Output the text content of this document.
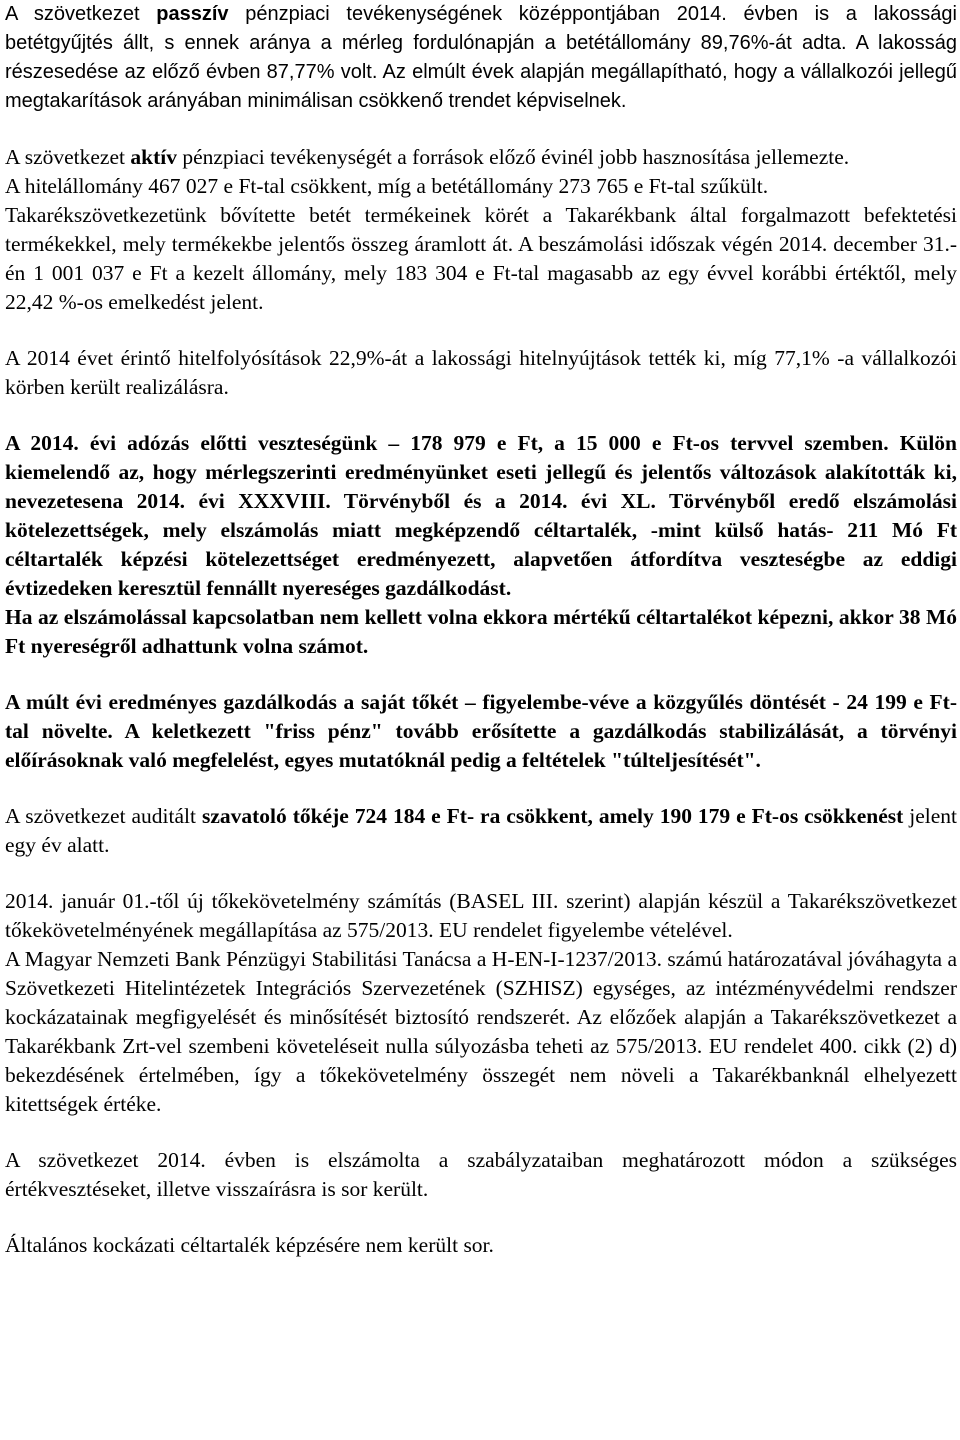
A szövetkezet passzív pénzpiaci tevékenységének középpontjában 2014. évben is a lakossági betétgyűjtés állt, s ennek aránya a mérleg fordulónapján a betétállomány 89,76%-át adta. A lakosság részesedése az előző évben 87,77% volt. Az elmúlt évek alapján megállapítható, hogy a vállalkozói jellegű megtakarítások arányában minimálisan csökkenő trendet képviselnek.

A szövetkezet aktív pénzpiaci tevékenységét a források előző évinél jobb hasznosítása jellemezte.

A hitelállomány 467 027 e Ft-tal csökkent, míg a betétállomány 273 765 e Ft-tal szűkült.

Takarékszövetkezetünk bővítette betét termékeinek körét a Takarékbank által forgalmazott befektetési termékekkel, mely termékekbe jelentős összeg áramlott át. A beszámolási időszak végén 2014. december 31.-én 1 001 037 e Ft a kezelt állomány, mely 183 304 e Ft-tal magasabb az egy évvel korábbi értéktől, mely 22,42 %-os emelkedést jelent.

A 2014 évet érintő hitelfolyósítások 22,9%-át a lakossági hitelnyújtások tették ki, míg 77,1% -a vállalkozói körben került realizálásra.

A 2014. évi adózás előtti veszteségünk – 178 979 e Ft, a 15 000 e Ft-os tervvel szemben. Külön kiemelendő az, hogy mérlegszerinti eredményünket eseti jellegű és jelentős változások alakították ki, nevezetesena 2014. évi XXXVIII. Törvényből és a 2014. évi XL. Törvényből eredő elszámolási kötelezettségek, mely elszámolás miatt megképzendő céltartalék, -mint külső hatás- 211 Mó Ft céltartalék képzési kötelezettséget eredményezett, alapvetően átfordítva veszteségbe az eddigi évtizedeken keresztül fennállt nyereséges gazdálkodást.

Ha az elszámolással kapcsolatban nem kellett volna ekkora mértékű céltartalékot képezni, akkor 38 Mó Ft nyereségről adhattunk volna számot.

A múlt évi eredményes gazdálkodás a saját tőkét – figyelembe-véve a közgyűlés döntését - 24 199 e Ft-tal növelte. A keletkezett "friss pénz" tovább erősítette a gazdálkodás stabilizálását, a törvényi előírásoknak való megfelelést, egyes mutatóknál pedig a feltételek "túlteljesítését".

A szövetkezet auditált szavatoló tőkéje 724 184 e Ft- ra csökkent, amely 190 179 e Ft-os csökkenést jelent egy év alatt.

2014. január 01.-től új tőkekövetelmény számítás (BASEL III. szerint) alapján készül a Takarékszövetkezet tőkekövetelményének megállapítása az 575/2013. EU rendelet figyelembe vételével.

A Magyar Nemzeti Bank Pénzügyi Stabilitási Tanácsa a H-EN-I-1237/2013. számú határozatával jóváhagyta a Szövetkezeti Hitelintézetek Integrációs Szervezetének (SZHISZ) egységes, az intézményvédelmi rendszer kockázatainak megfigyelését és minősítését biztosító rendszerét. Az előzőek alapján a Takarékszövetkezet a Takarékbank Zrt-vel szembeni követeléseit nulla súlyozásba teheti az 575/2013. EU rendelet 400. cikk (2) d) bekezdésének értelmében, így a tőkekövetelmény összegét nem növeli a Takarékbanknál elhelyezett kitettségek értéke.

A szövetkezet 2014. évben is elszámolta a szabályzataiban meghatározott módon a szükséges értékvesztéseket, illetve visszaírásra is sor került.

Általános kockázati céltartalék képzésére nem került sor.
